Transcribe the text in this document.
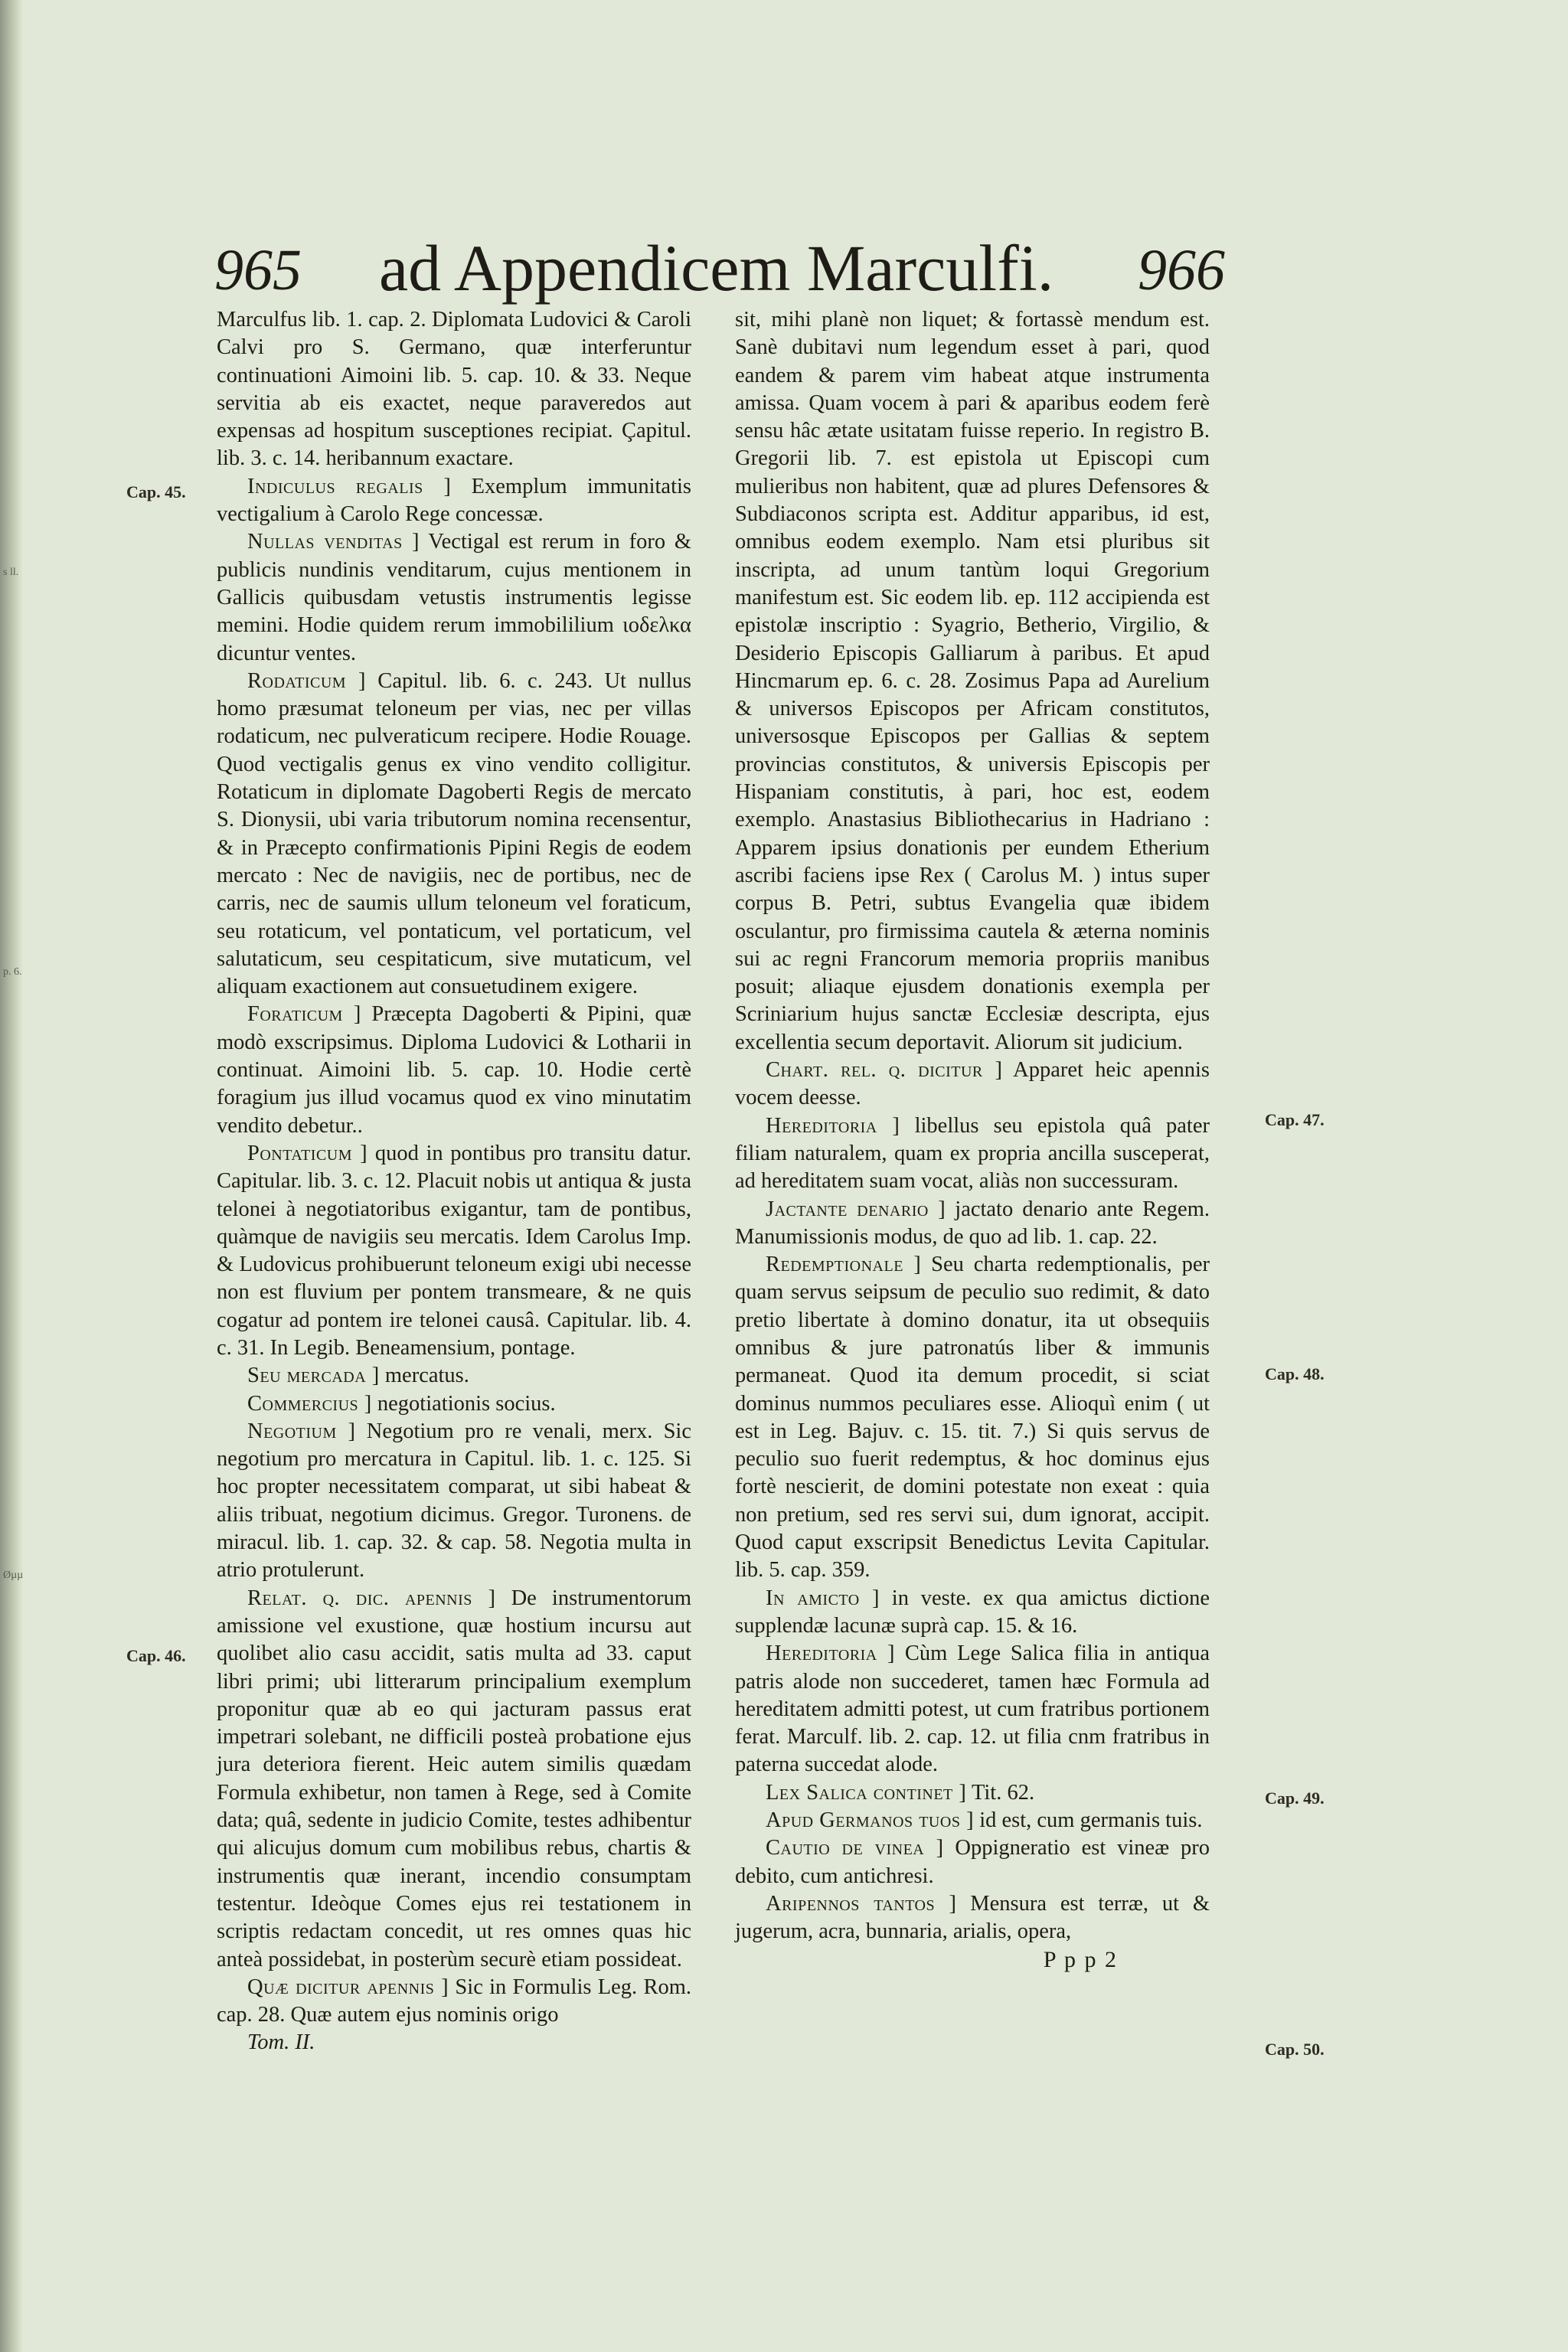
s ll.
p. 6.
Øµµ
965 ad Appendicem Marculfi. 966
Cap. 45.
Cap. 46.
Cap. 47.
Cap. 48.
Cap. 49.
Cap. 50.

Marculfus lib. 1. cap. 2. Diplomata Ludovici & Caroli Calvi pro S. Germano, quæ interferuntur continuationi Aimoini lib. 5. cap. 10. & 33. Neque servitia ab eis exactet, neque paraveredos aut expensas ad hospitum susceptiones recipiat. Çapitul. lib. 3. c. 14. heribannum exactare.

Indiculus regalis ] Exemplum immunitatis vectigalium à Carolo Rege concessæ.

Nullas venditas ] Vectigal est rerum in foro & publicis nundinis venditarum, cujus mentionem in Gallicis quibusdam vetustis instrumentis legisse memini. Hodie quidem rerum immobililium ιοδελκα dicuntur ventes.

Rodaticum ] Capitul. lib. 6. c. 243. Ut nullus homo præsumat teloneum per vias, nec per villas rodaticum, nec pulveraticum recipere. Hodie Rouage. Quod vectigalis genus ex vino vendito colligitur. Rotaticum in diplomate Dagoberti Regis de mercato S. Dionysii, ubi varia tributorum nomina recensentur, & in Præcepto confirmationis Pipini Regis de eodem mercato : Nec de navigiis, nec de portibus, nec de carris, nec de saumis ullum teloneum vel foraticum, seu rotaticum, vel pontaticum, vel portaticum, vel salutaticum, seu cespitaticum, sive mutaticum, vel aliquam exactionem aut consuetudinem exigere.

Foraticum ] Præcepta Dagoberti & Pipini, quæ modò exscripsimus. Diploma Ludovici & Lotharii in continuat. Aimoini lib. 5. cap. 10. Hodie certè foragium jus illud vocamus quod ex vino minutatim vendito debetur..

Pontaticum ] quod in pontibus pro transitu datur. Capitular. lib. 3. c. 12. Placuit nobis ut antiqua & justa telonei à negotiatoribus exigantur, tam de pontibus, quàmque de navigiis seu mercatis. Idem Carolus Imp. & Ludovicus prohibuerunt teloneum exigi ubi necesse non est fluvium per pontem transmeare, & ne quis cogatur ad pontem ire telonei causâ. Capitular. lib. 4. c. 31. In Legib. Beneamensium, pontage.

Seu mercada ] mercatus.

Commercius ] negotiationis socius.

Negotium ] Negotium pro re venali, merx. Sic negotium pro mercatura in Capitul. lib. 1. c. 125. Si hoc propter necessitatem comparat, ut sibi habeat & aliis tribuat, negotium dicimus. Gregor. Turonens. de miracul. lib. 1. cap. 32. & cap. 58. Negotia multa in atrio protulerunt.

Relat. q. dic. apennis ] De instrumentorum amissione vel exustione, quæ hostium incursu aut quolibet alio casu accidit, satis multa ad 33. caput libri primi; ubi litterarum principalium exemplum proponitur quæ ab eo qui jacturam passus erat impetrari solebant, ne difficili posteà probatione ejus jura deteriora fierent. Heic autem similis quædam Formula exhibetur, non tamen à Rege, sed à Comite data; quâ, sedente in judicio Comite, testes adhibentur qui alicujus domum cum mobilibus rebus, chartis & instrumentis quæ inerant, incendio consumptam testentur. Ideòque Comes ejus rei testationem in scriptis redactam concedit, ut res omnes quas hic anteà possidebat, in posterùm securè etiam possideat.

Quæ dicitur apennis ] Sic in Formulis Leg. Rom. cap. 28. Quæ autem ejus nominis origo

Tom. II.

sit, mihi planè non liquet; & fortassè mendum est. Sanè dubitavi num legendum esset à pari, quod eandem & parem vim habeat atque instrumenta amissa. Quam vocem à pari & aparibus eodem ferè sensu hâc ætate usitatam fuisse reperio. In registro B. Gregorii lib. 7. est epistola ut Episcopi cum mulieribus non habitent, quæ ad plures Defensores & Subdiaconos scripta est. Additur apparibus, id est, omnibus eodem exemplo. Nam etsi pluribus sit inscripta, ad unum tantùm loqui Gregorium manifestum est. Sic eodem lib. ep. 112 accipienda est epistolæ inscriptio : Syagrio, Betherio, Virgilio, & Desiderio Episcopis Galliarum à paribus. Et apud Hincmarum ep. 6. c. 28. Zosimus Papa ad Aurelium & universos Episcopos per Africam constitutos, universosque Episcopos per Gallias & septem provincias constitutos, & universis Episcopis per Hispaniam constitutis, à pari, hoc est, eodem exemplo. Anastasius Bibliothecarius in Hadriano : Apparem ipsius donationis per eundem Etherium ascribi faciens ipse Rex ( Carolus M. ) intus super corpus B. Petri, subtus Evangelia quæ ibidem osculantur, pro firmissima cautela & æterna nominis sui ac regni Francorum memoria propriis manibus posuit; aliaque ejusdem donationis exempla per Scriniarium hujus sanctæ Ecclesiæ descripta, ejus excellentia secum deportavit. Aliorum sit judicium.

Chart. rel. q. dicitur ] Apparet heic apennis vocem deesse.

Hereditoria ] libellus seu epistola quâ pater filiam naturalem, quam ex propria ancilla susceperat, ad hereditatem suam vocat, aliàs non successuram.

Jactante denario ] jactato denario ante Regem. Manumissionis modus, de quo ad lib. 1. cap. 22.

Redemptionale ] Seu charta redemptionalis, per quam servus seipsum de peculio suo redimit, & dato pretio libertate à domino donatur, ita ut obsequiis omnibus & jure patronatús liber & immunis permaneat. Quod ita demum procedit, si sciat dominus nummos peculiares esse. Alioquì enim ( ut est in Leg. Bajuv. c. 15. tit. 7.) Si quis servus de peculio suo fuerit redemptus, & hoc dominus ejus fortè nescierit, de domini potestate non exeat : quia non pretium, sed res servi sui, dum ignorat, accipit. Quod caput exscripsit Benedictus Levita Capitular. lib. 5. cap. 359.

In amicto ] in veste. ex qua amictus dictione supplendæ lacunæ suprà cap. 15. & 16.

Hereditoria ] Cùm Lege Salica filia in antiqua patris alode non succederet, tamen hæc Formula ad hereditatem admitti potest, ut cum fratribus portionem ferat. Marculf. lib. 2. cap. 12. ut filia cnm fratribus in paterna succedat alode.

Lex Salica continet ] Tit. 62.

Apud Germanos tuos ] id est, cum germanis tuis.

Cautio de vinea ] Oppigneratio est vineæ pro debito, cum antichresi.

Aripennos tantos ] Mensura est terræ, ut & jugerum, acra, bunnaria, arialis, opera,

P p p 2
